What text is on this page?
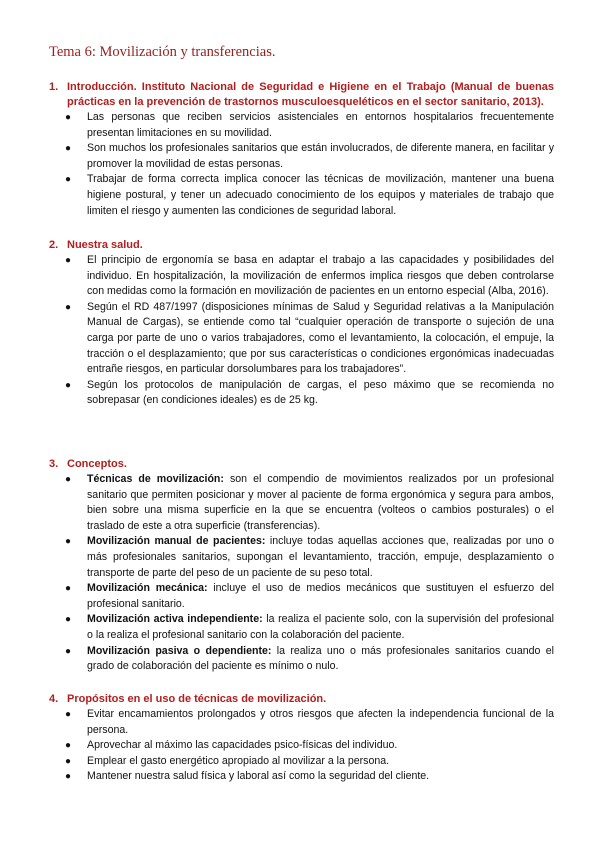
Tema 6: Movilización y transferencias.
1. Introducción. Instituto Nacional de Seguridad e Higiene en el Trabajo (Manual de buenas prácticas en la prevención de trastornos musculoesqueléticos en el sector sanitario, 2013).
●	Las personas que reciben servicios asistenciales en entornos hospitalarios frecuentemente presentan limitaciones en su movilidad.
●	Son muchos los profesionales sanitarios que están involucrados, de diferente manera, en facilitar y promover la movilidad de estas personas.
●	Trabajar de forma correcta implica conocer las técnicas de movilización, mantener una buena higiene postural, y tener un adecuado conocimiento de los equipos y materiales de trabajo que limiten el riesgo y aumenten las condiciones de seguridad laboral.
2. Nuestra salud.
●	El principio de ergonomía se basa en adaptar el trabajo a las capacidades y posibilidades del individuo. En hospitalización, la movilización de enfermos implica riesgos que deben controlarse con medidas como la formación en movilización de pacientes en un entorno especial (Alba, 2016).
●	Según el RD 487/1997 (disposiciones mínimas de Salud y Seguridad relativas a la Manipulación Manual de Cargas), se entiende como tal “cualquier operación de transporte o sujeción de una carga por parte de uno o varios trabajadores, como el levantamiento, la colocación, el empuje, la tracción o el desplazamiento; que por sus características o condiciones ergonómicas inadecuadas entrañe riesgos, en particular dorsolumbares para los trabajadores”.
●	Según los protocolos de manipulación de cargas, el peso máximo que se recomienda no sobrepasar (en condiciones ideales) es de 25 kg.
3. Conceptos.
●	Técnicas de movilización: son el compendio de movimientos realizados por un profesional sanitario que permiten posicionar y mover al paciente de forma ergonómica y segura para ambos, bien sobre una misma superficie en la que se encuentra (volteos o cambios posturales) o el traslado de este a otra superficie (transferencias).
●	Movilización manual de pacientes: incluye todas aquellas acciones que, realizadas por uno o más profesionales sanitarios, supongan el levantamiento, tracción, empuje, desplazamiento o transporte de parte del peso de un paciente de su peso total.
●	Movilización mecánica: incluye el uso de medios mecánicos que sustituyen el esfuerzo del profesional sanitario.
●	Movilización activa independiente: la realiza el paciente solo, con la supervisión del profesional o la realiza el profesional sanitario con la colaboración del paciente.
●	Movilización pasiva o dependiente: la realiza uno o más profesionales sanitarios cuando el grado de colaboración del paciente es mínimo o nulo.
4. Propósitos en el uso de técnicas de movilización.
●	Evitar encamamientos prolongados y otros riesgos que afecten la independencia funcional de la persona.
●	Aprovechar al máximo las capacidades psico-físicas del individuo.
●	Emplear el gasto energético apropiado al movilizar a la persona.
●	Mantener nuestra salud física y laboral así como la seguridad del cliente.
